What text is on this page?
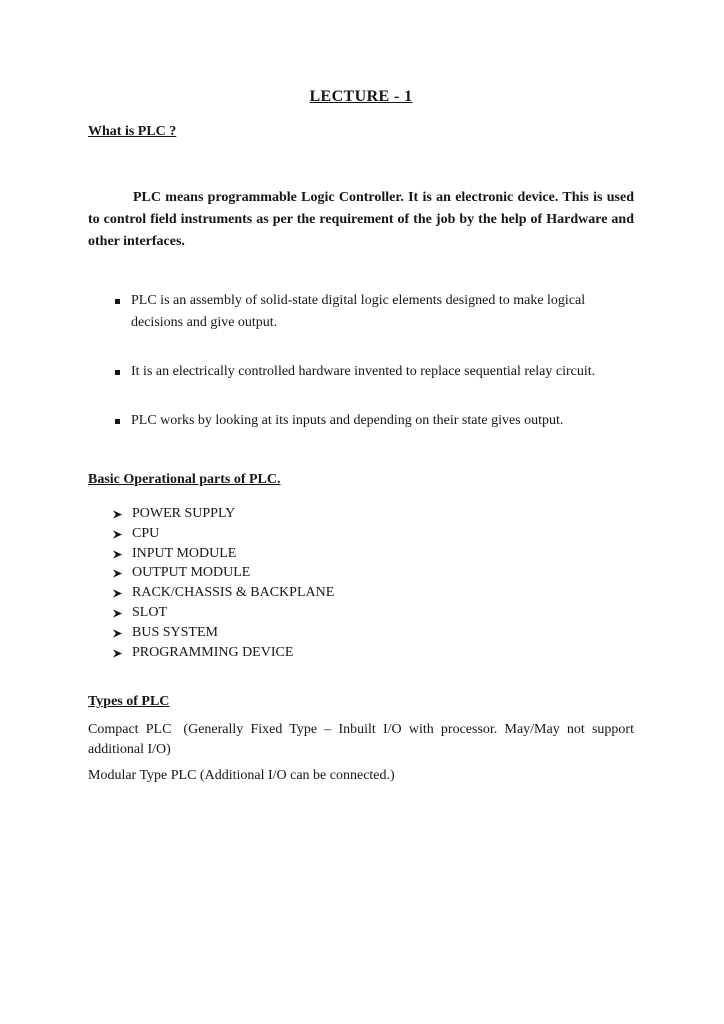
LECTURE - 1
What is PLC ?

PLC means programmable Logic Controller. It is an electronic device. This is used to control field instruments as per the requirement of the job by the help of Hardware and other interfaces.

PLC is an assembly of solid-state digital logic elements designed to make logical decisions and give output.
It is an electrically controlled hardware invented to replace sequential relay circuit.
PLC works by looking at its inputs and depending on their state gives output.
Basic Operational parts of PLC.
POWER SUPPLY
CPU
INPUT MODULE
OUTPUT MODULE
RACK/CHASSIS & BACKPLANE
SLOT
BUS SYSTEM
PROGRAMMING DEVICE
Types of PLC

Compact PLC (Generally Fixed Type – Inbuilt I/O with processor. May/May not support additional I/O)

Modular Type PLC (Additional I/O can be connected.)
